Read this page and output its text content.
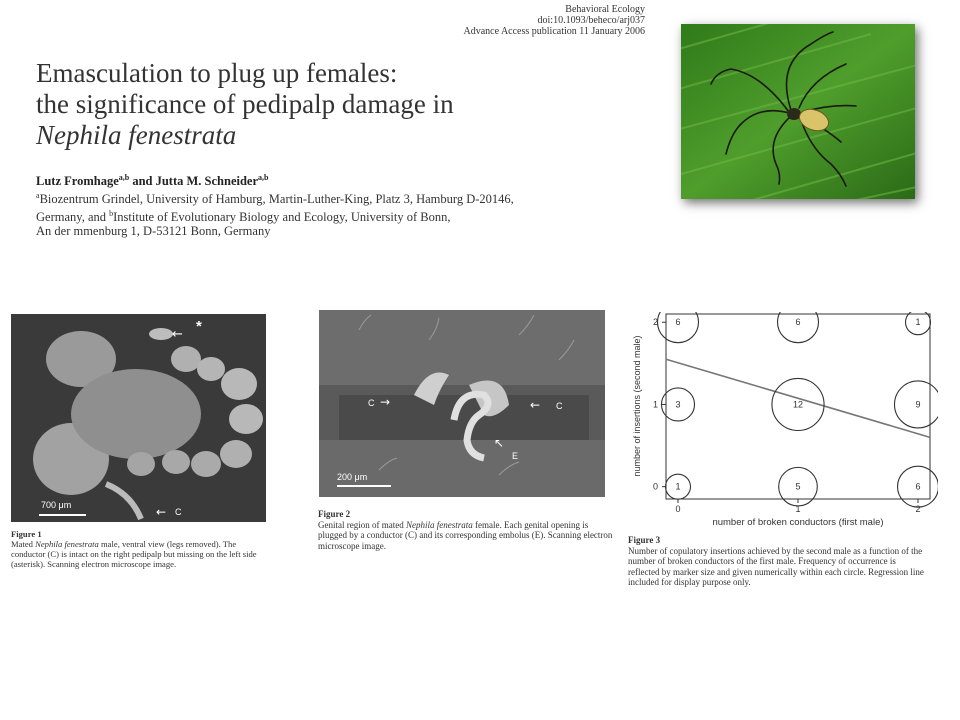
Behavioral Ecology
doi:10.1093/beheco/arj037
Advance Access publication 11 January 2006
Emasculation to plug up females:
the significance of pedipalp damage in
Nephila fenestrata
Lutz Fromhage$^{a,b}$ and Jutta M. Schneider$^{a,b}$
$^a$Biozentrum Grindel, University of Hamburg, Martin-Luther-King, Platz 3, Hamburg D-20146,
Germany, and $^b$Institute of Evolutionary Biology and Ecology, University of Bonn,
An der mmenburg 1, D-53121 Bonn, Germany
*
←
← C
700 μm
Figure 1
Mated Nephila fenestrata male, ventral view (legs removed). The conductor (C) is intact on the right pedipalp but missing on the left side (asterisk). Scanning electron microscope image.
C →	← C
↖
E
200 μm
Figure 2
Genital region of mated Nephila fenestrata female. Each genital opening is plugged by a conductor (C) and its corresponding embolus (E). Scanning electron microscope image.
0	1	2
0
1
2 6	6	1
3	12	9
1	5	6
number of broken conductors (first male)
number of insertions (second male)
Figure 3
Number of copulatory insertions achieved by the second male as a function of the number of broken conductors of the first male. Frequency of occurrence is reflected by marker size and given numerically within each circle. Regression line included for display purpose only.
